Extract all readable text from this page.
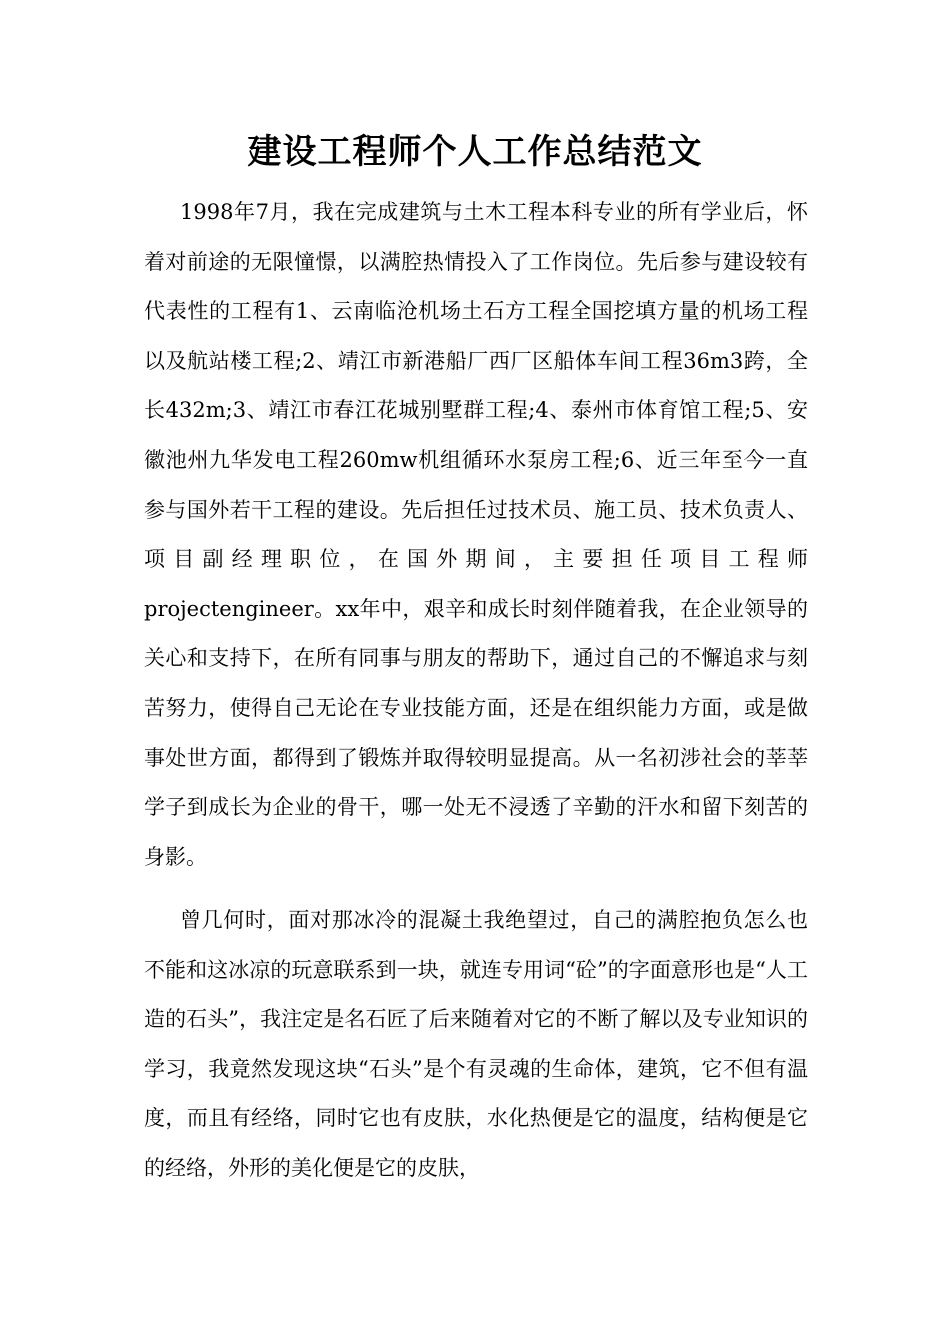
建设工程师个人工作总结范文

1998年7月，我在完成建筑与土木工程本科专业的所有学业后，怀着对前途的无限憧憬，以满腔热情投入了工作岗位。先后参与建设较有代表性的工程有1、云南临沧机场土石方工程全国挖填方量的机场工程以及航站楼工程;2、靖江市新港船厂西厂区船体车间工程36m3跨，全长432m;3、靖江市春江花城别墅群工程;4、泰州市体育馆工程;5、安徽池州九华发电工程260mw机组循环水泵房工程;6、近三年至今一直参与国外若干工程的建设。先后担任过技术员、施工员、技术负责人、项目副经理职位，在国外期间，主要担任项目工程师projectengineer。xx年中，艰辛和成长时刻伴随着我，在企业领导的关心和支持下，在所有同事与朋友的帮助下，通过自己的不懈追求与刻苦努力，使得自己无论在专业技能方面，还是在组织能力方面，或是做事处世方面，都得到了锻炼并取得较明显提高。从一名初涉社会的莘莘学子到成长为企业的骨干，哪一处无不浸透了辛勤的汗水和留下刻苦的身影。

曾几何时，面对那冰冷的混凝土我绝望过，自己的满腔抱负怎么也不能和这冰凉的玩意联系到一块，就连专用词“砼”的字面意形也是“人工造的石头”，我注定是名石匠了后来随着对它的不断了解以及专业知识的学习，我竟然发现这块“石头”是个有灵魂的生命体，建筑，它不但有温度，而且有经络，同时它也有皮肤，水化热便是它的温度，结构便是它的经络，外形的美化便是它的皮肤，
